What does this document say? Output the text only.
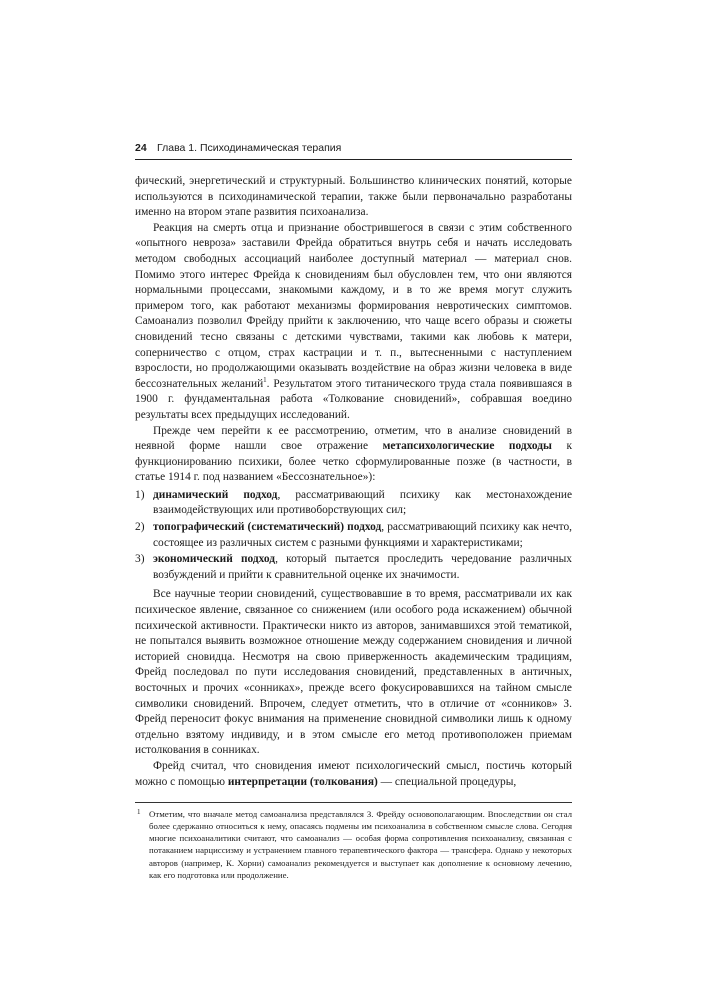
24 Глава 1. Психодинамическая терапия

фический, энергетический и структурный. Большинство клинических понятий, которые используются в психодинамической терапии, также были первоначально разработаны именно на втором этапе развития психоанализа.

Реакция на смерть отца и признание обострившегося в связи с этим собственного «опытного невроза» заставили Фрейда обратиться внутрь себя и начать исследовать методом свободных ассоциаций наиболее доступный материал — материал снов. Помимо этого интерес Фрейда к сновидениям был обусловлен тем, что они являются нормальными процессами, знакомыми каждому, и в то же время могут служить примером того, как работают механизмы формирования невротических симптомов. Самоанализ позволил Фрейду прийти к заключению, что чаще всего образы и сюжеты сновидений тесно связаны с детскими чувствами, такими как любовь к матери, соперничество с отцом, страх кастрации и т. п., вытесненными с наступлением взрослости, но продолжающими оказывать воздействие на образ жизни человека в виде бессознательных желаний$^1$. Результатом этого титанического труда стала появившаяся в 1900 г. фундаментальная работа «Толкование сновидений», собравшая воедино результаты всех предыдущих исследований.

Прежде чем перейти к ее рассмотрению, отметим, что в анализе сновидений в неявной форме нашли свое отражение метапсихологические подходы к функционированию психики, более четко сформулированные позже (в частности, в статье 1914 г. под названием «Бессознательное»):

1) динамический подход, рассматривающий психику как местонахождение взаимодействующих или противоборствующих сил;
2) топографический (систематический) подход, рассматривающий психику как нечто, состоящее из различных систем с разными функциями и характеристиками;
3) экономический подход, который пытается проследить чередование различных возбуждений и прийти к сравнительной оценке их значимости.

Все научные теории сновидений, существовавшие в то время, рассматривали их как психическое явление, связанное со снижением (или особого рода искажением) обычной психической активности. Практически никто из авторов, занимавшихся этой тематикой, не попытался выявить возможное отношение между содержанием сновидения и личной историей сновидца. Несмотря на свою приверженность академическим традициям, Фрейд последовал по пути исследования сновидений, представленных в античных, восточных и прочих «сонниках», прежде всего фокусировавшихся на тайном смысле символики сновидений. Впрочем, следует отметить, что в отличие от «сонников» З. Фрейд переносит фокус внимания на применение сновидной символики лишь к одному отдельно взятому индивиду, и в этом смысле его метод противоположен приемам истолкования в сонниках.

Фрейд считал, что сновидения имеют психологический смысл, постичь который можно с помощью интерпретации (толкования) — специальной процедуры,

1 Отметим, что вначале метод самоанализа представлялся З. Фрейду основополагающим. Впоследствии он стал более сдержанно относиться к нему, опасаясь подмены им психоанализа в собственном смысле слова. Сегодня многие психоаналитики считают, что самоанализ — особая форма сопротивления психоанализу, связанная с потаканием нарциссизму и устранением главного терапевтического фактора — трансфера. Однако у некоторых авторов (например, К. Хорни) самоанализ рекомендуется и выступает как дополнение к основному лечению, как его подготовка или продолжение.
